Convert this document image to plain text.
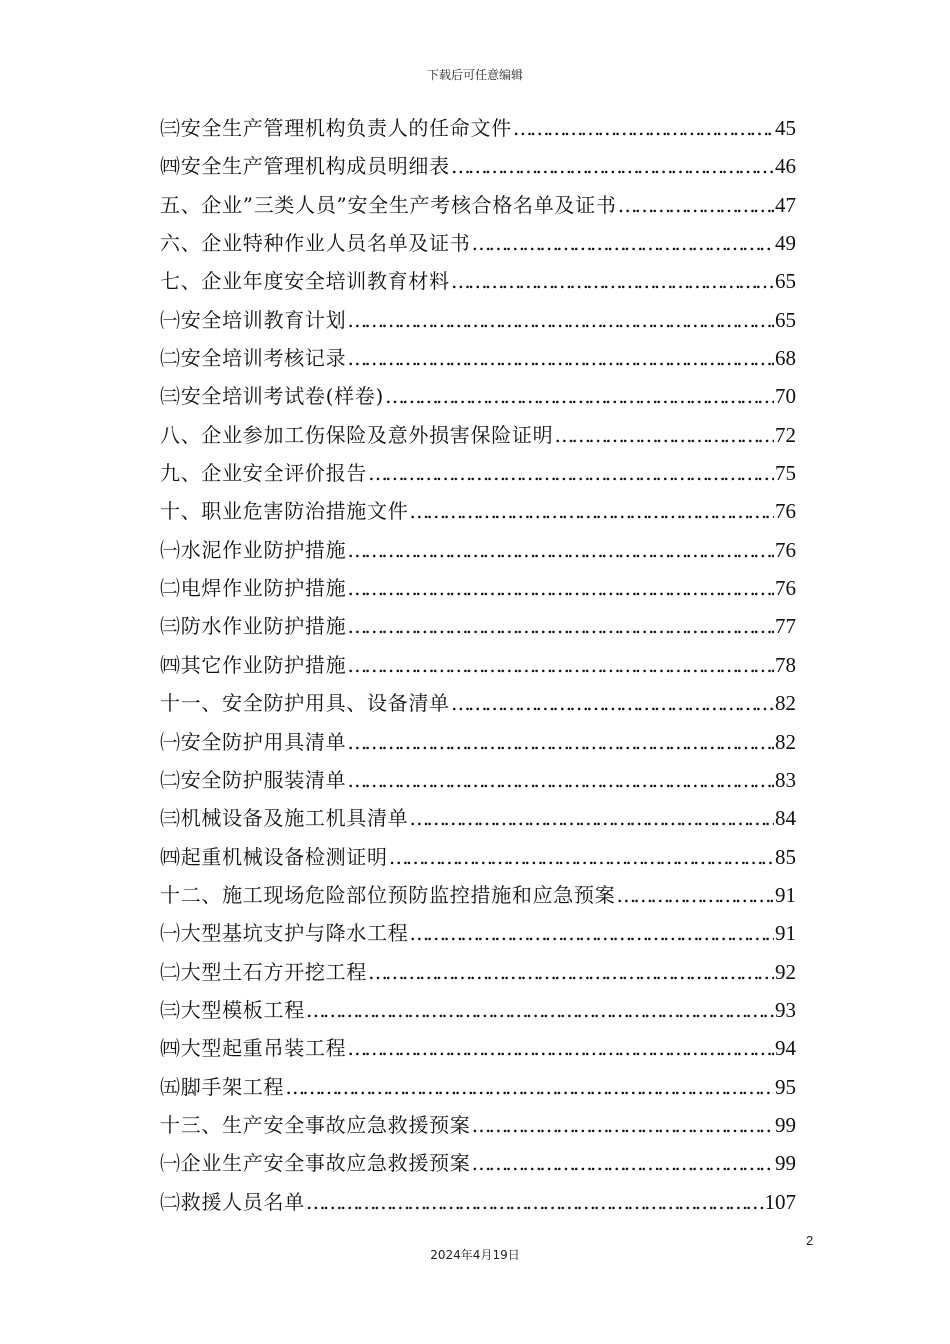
下载后可任意编辑
㈢安全生产管理机构负责人的任命文件 …………………………………………………………………………………………………………………………………………………………	45
㈣安全生产管理机构成员明细表 …………………………………………………………………………………………………………………………………………………………	46
五、企业”三类人员”安全生产考核合格名单及证书 …………………………………………………………………………………………………………………………………………………………	47
六、企业特种作业人员名单及证书 …………………………………………………………………………………………………………………………………………………………	49
七、企业年度安全培训教育材料 …………………………………………………………………………………………………………………………………………………………	65
㈠安全培训教育计划 …………………………………………………………………………………………………………………………………………………………	65
㈡安全培训考核记录 …………………………………………………………………………………………………………………………………………………………	68
㈢安全培训考试卷(样卷) …………………………………………………………………………………………………………………………………………………………	70
八、企业参加工伤保险及意外损害保险证明 …………………………………………………………………………………………………………………………………………………………	72
九、企业安全评价报告 …………………………………………………………………………………………………………………………………………………………	75
十、职业危害防治措施文件 …………………………………………………………………………………………………………………………………………………………	76
㈠水泥作业防护措施 …………………………………………………………………………………………………………………………………………………………	76
㈡电焊作业防护措施 …………………………………………………………………………………………………………………………………………………………	76
㈢防水作业防护措施 …………………………………………………………………………………………………………………………………………………………	77
㈣其它作业防护措施 …………………………………………………………………………………………………………………………………………………………	78
十一、安全防护用具、设备清单 …………………………………………………………………………………………………………………………………………………………	82
㈠安全防护用具清单 …………………………………………………………………………………………………………………………………………………………	82
㈡安全防护服装清单 …………………………………………………………………………………………………………………………………………………………	83
㈢机械设备及施工机具清单 …………………………………………………………………………………………………………………………………………………………	84
㈣起重机械设备检测证明 …………………………………………………………………………………………………………………………………………………………	85
十二、施工现场危险部位预防监控措施和应急预案 …………………………………………………………………………………………………………………………………………………………	91
㈠大型基坑支护与降水工程 …………………………………………………………………………………………………………………………………………………………	91
㈡大型土石方开挖工程 …………………………………………………………………………………………………………………………………………………………	92
㈢大型模板工程 …………………………………………………………………………………………………………………………………………………………	93
㈣大型起重吊装工程 …………………………………………………………………………………………………………………………………………………………	94
㈤脚手架工程 …………………………………………………………………………………………………………………………………………………………	95
十三、生产安全事故应急救援预案 …………………………………………………………………………………………………………………………………………………………	99
㈠企业生产安全事故应急救援预案 …………………………………………………………………………………………………………………………………………………………	99
㈡救援人员名单 …………………………………………………………………………………………………………………………………………………………	107
2
2024年4月19日
